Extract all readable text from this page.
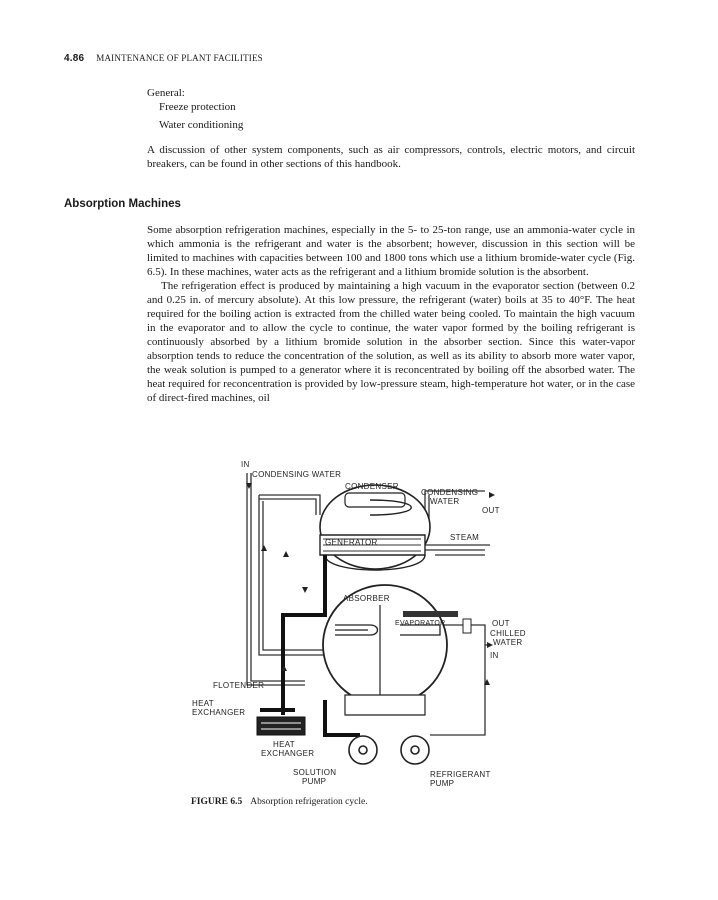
4.86 MAINTENANCE OF PLANT FACILITIES
General:
Freeze protection
Water conditioning

A discussion of other system components, such as air compressors, controls, electric motors, and circuit breakers, can be found in other sections of this handbook.

Absorption Machines

Some absorption refrigeration machines, especially in the 5- to 25-ton range, use an ammonia-water cycle in which ammonia is the refrigerant and water is the absorbent; however, discussion in this section will be limited to machines with capacities between 100 and 1800 tons which use a lithium bromide-water cycle (Fig. 6.5). In these machines, water acts as the refrigerant and a lithium bromide solution is the absorbent.

The refrigeration effect is produced by maintaining a high vacuum in the evaporator section (between 0.2 and 0.25 in. of mercury absolute). At this low pressure, the refrigerant (water) boils at 35 to 40°F. The heat required for the boiling action is extracted from the chilled water being cooled. To maintain the high vacuum in the evaporator and to allow the cycle to continue, the water vapor formed by the boiling refrigerant is continuously absorbed by a lithium bromide solution in the absorber section. Since this water-vapor absorption tends to reduce the concentration of the solution, as well as its ability to absorb more water vapor, the weak solution is pumped to a generator where it is reconcentrated by boiling off the absorbed water. The heat required for reconcentration is provided by low-pressure steam, high-temperature hot water, or in the case of direct-fired machines, oil

IN
CONDENSING WATER
CONDENSER
CONDENSING
WATER
OUT
STEAM
GENERATOR
ABSORBER
EVAPORATOR	OUT
CHILLED
WATER
IN
FLOTENDER
HEAT
EXCHANGER
HEAT
EXCHANGER
SOLUTION
PUMP
REFRIGERANT
PUMP
FIGURE 6.5 Absorption refrigeration cycle.
